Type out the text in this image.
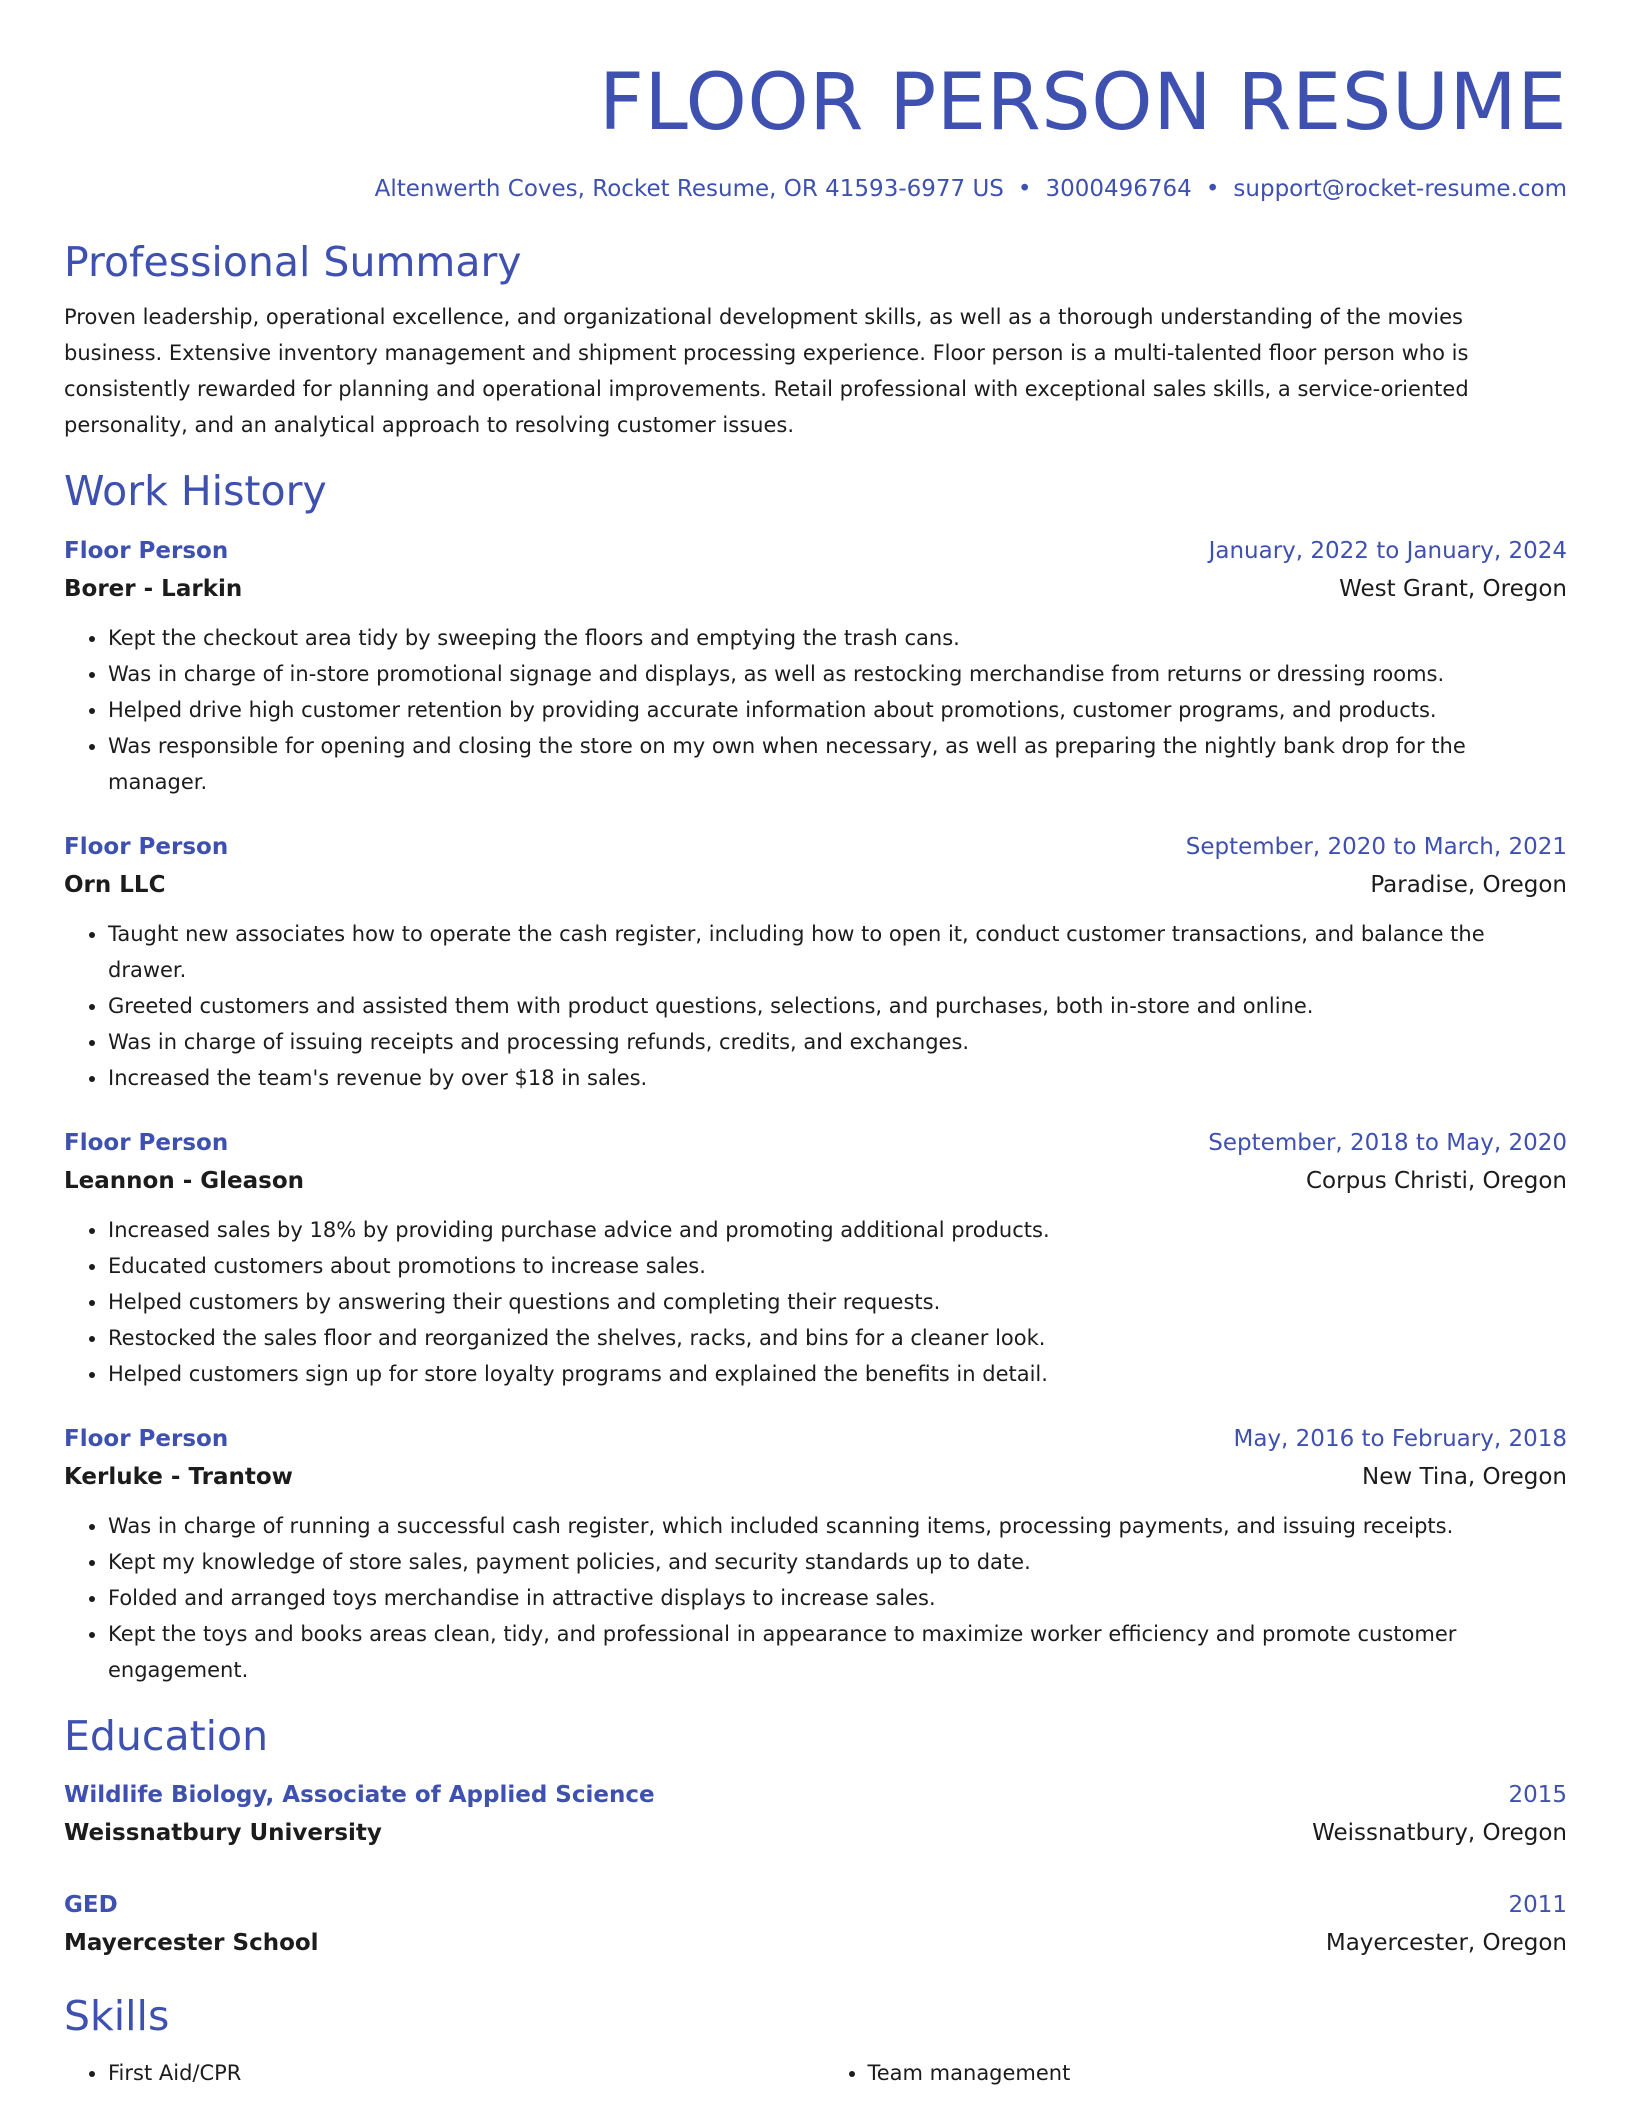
FLOOR PERSON RESUME
Altenwerth Coves, Rocket Resume, OR 41593-6977 US • 3000496764 • support@rocket-resume.com
Professional Summary
Proven leadership, operational excellence, and organizational development skills, as well as a thorough understanding of the movies business. Extensive inventory management and shipment processing experience. Floor person is a multi-talented floor person who is consistently rewarded for planning and operational improvements. Retail professional with exceptional sales skills, a service-oriented personality, and an analytical approach to resolving customer issues.
Work History
Floor Person	January, 2022 to January, 2024
Borer - Larkin	West Grant, Oregon
• Kept the checkout area tidy by sweeping the floors and emptying the trash cans.
• Was in charge of in-store promotional signage and displays, as well as restocking merchandise from returns or dressing rooms.
• Helped drive high customer retention by providing accurate information about promotions, customer programs, and products.
• Was responsible for opening and closing the store on my own when necessary, as well as preparing the nightly bank drop for the manager.
Floor Person	September, 2020 to March, 2021
Orn LLC	Paradise, Oregon
• Taught new associates how to operate the cash register, including how to open it, conduct customer transactions, and balance the drawer.
• Greeted customers and assisted them with product questions, selections, and purchases, both in-store and online.
• Was in charge of issuing receipts and processing refunds, credits, and exchanges.
• Increased the team's revenue by over $18 in sales.
Floor Person	September, 2018 to May, 2020
Leannon - Gleason	Corpus Christi, Oregon
• Increased sales by 18% by providing purchase advice and promoting additional products.
• Educated customers about promotions to increase sales.
• Helped customers by answering their questions and completing their requests.
• Restocked the sales floor and reorganized the shelves, racks, and bins for a cleaner look.
• Helped customers sign up for store loyalty programs and explained the benefits in detail.
Floor Person	May, 2016 to February, 2018
Kerluke - Trantow	New Tina, Oregon
• Was in charge of running a successful cash register, which included scanning items, processing payments, and issuing receipts.
• Kept my knowledge of store sales, payment policies, and security standards up to date.
• Folded and arranged toys merchandise in attractive displays to increase sales.
• Kept the toys and books areas clean, tidy, and professional in appearance to maximize worker efficiency and promote customer engagement.
Education
Wildlife Biology, Associate of Applied Science	2015
Weissnatbury University	Weissnatbury, Oregon
GED	2011
Mayercester School	Mayercester, Oregon
Skills
• First Aid/CPR
•	Team management
